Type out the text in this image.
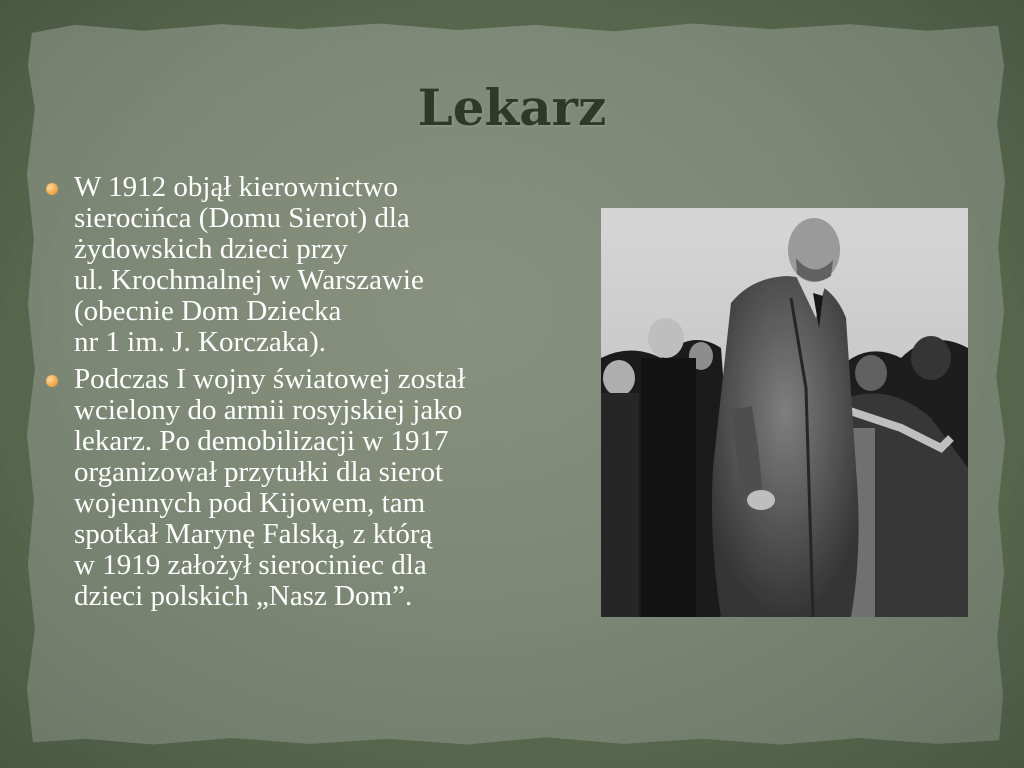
Lekarz
W 1912 objął kierownictwo
sierocińca (Domu Sierot) dla
żydowskich dzieci przy
ul. Krochmalnej w Warszawie
(obecnie Dom Dziecka
nr 1 im. J. Korczaka).
Podczas I wojny światowej został
wcielony do armii rosyjskiej jako
lekarz. Po demobilizacji w 1917
organizował przytułki dla sierot
wojennych pod Kijowem, tam
spotkał Marynę Falską, z którą
w 1919 założył sierociniec dla
dzieci polskich „Nasz Dom”.
